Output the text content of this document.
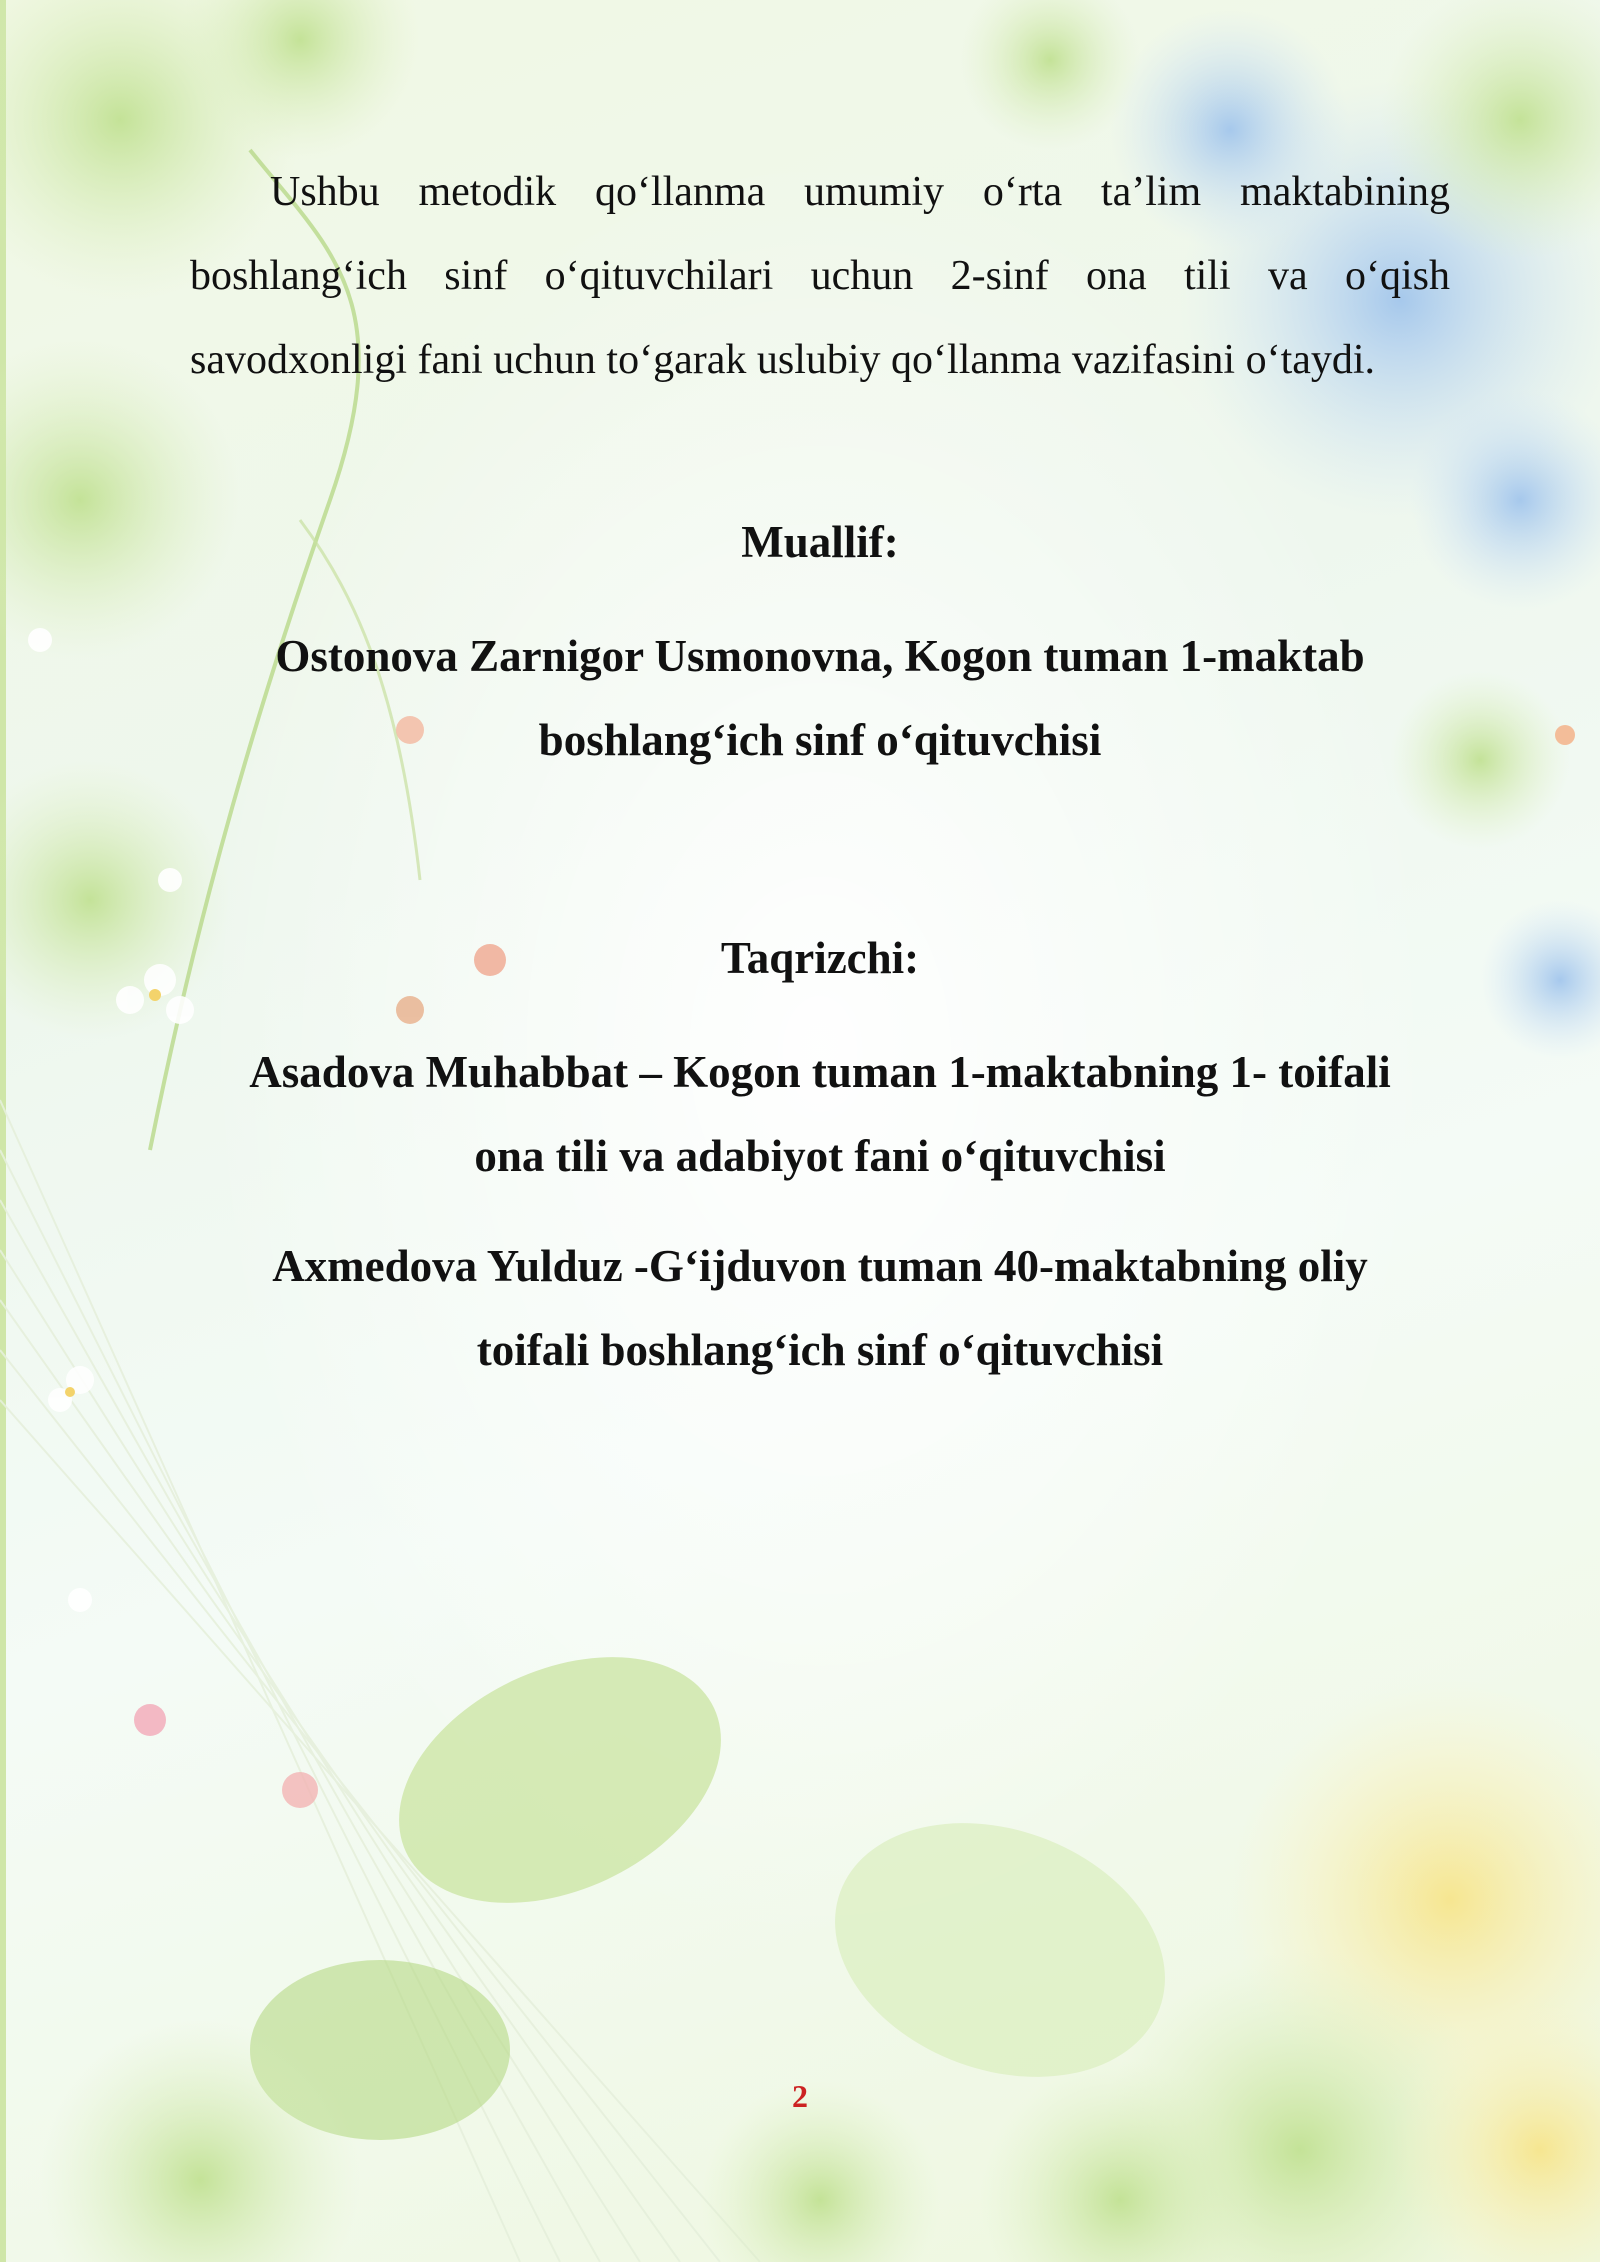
Ushbu metodik qo‘llanma umumiy o‘rta ta’lim maktabining boshlang‘ich sinf o‘qituvchilari uchun 2-sinf ona tili va o‘qish savodxonligi fani uchun to‘garak uslubiy qo‘llanma vazifasini o‘taydi.

Muallif:

Ostonova Zarnigor Usmonovna, Kogon tuman 1-maktab

boshlang‘ich sinf o‘qituvchisi

Taqrizchi:

Asadova Muhabbat – Kogon tuman 1-maktabning 1- toifali

ona tili va adabiyot fani o‘qituvchisi

Axmedova Yulduz -G‘ijduvon tuman 40-maktabning oliy

toifali boshlang‘ich sinf o‘qituvchisi

2
